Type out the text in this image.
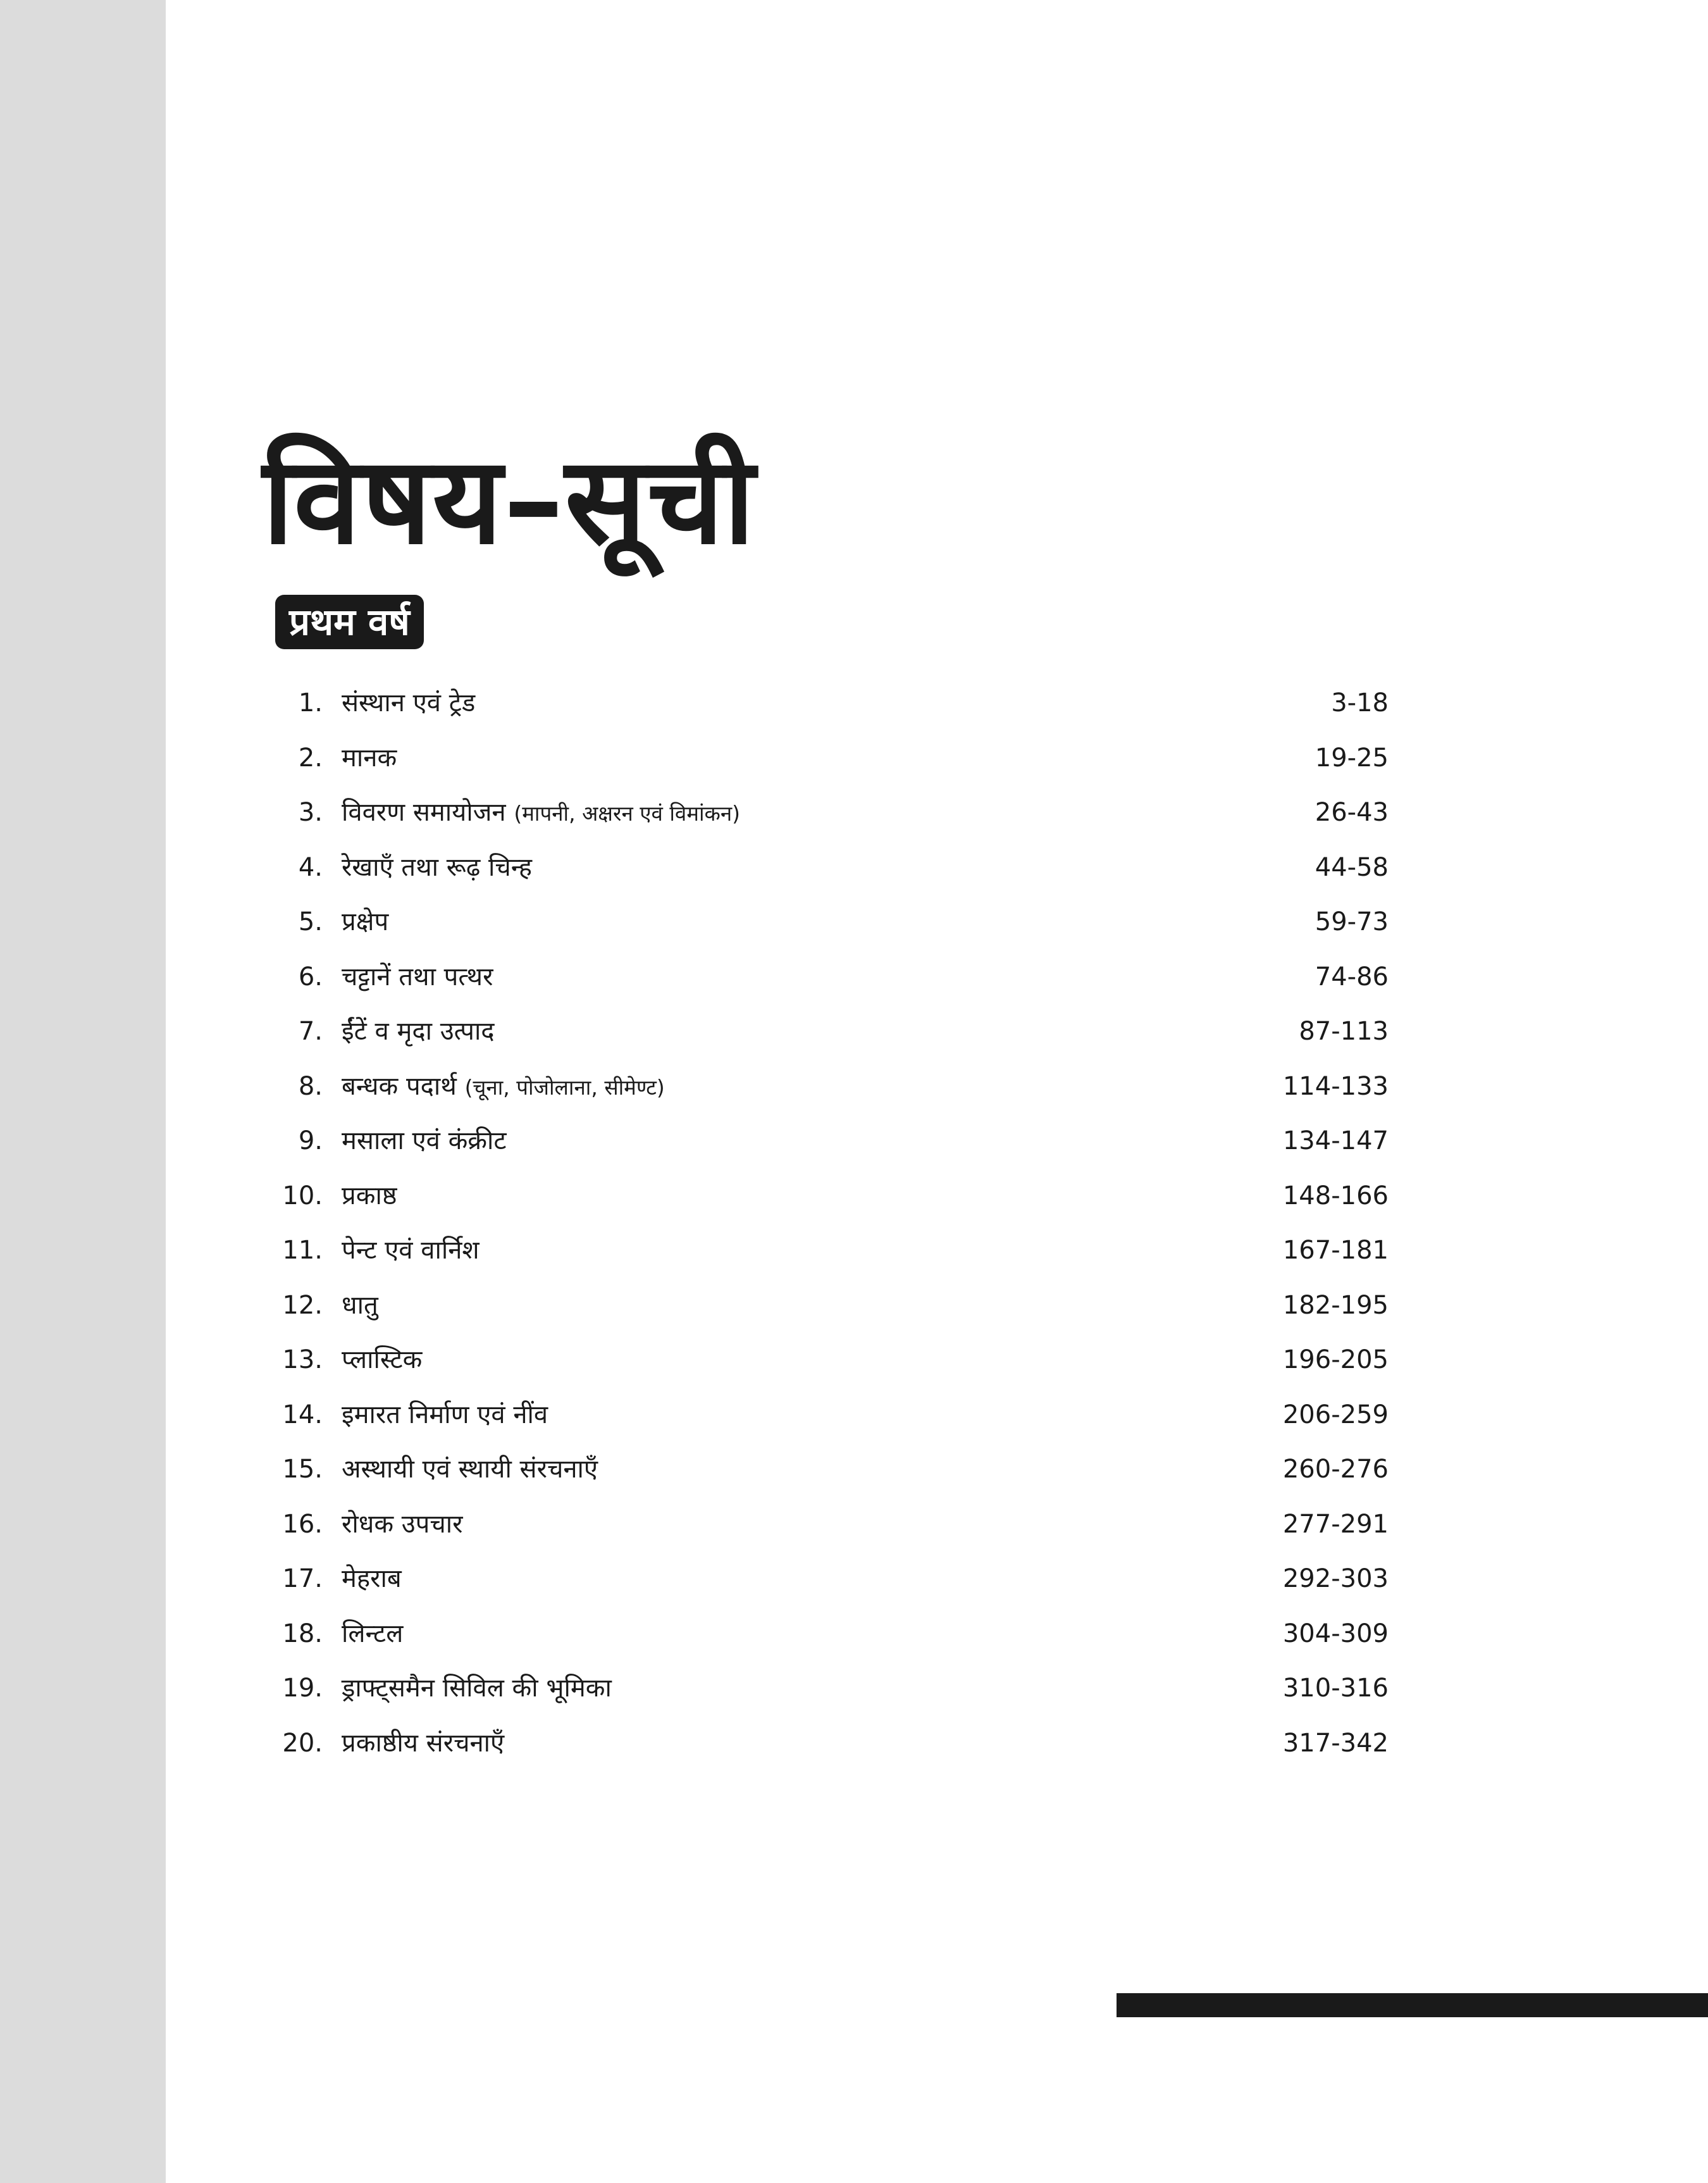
विषय–सूची
प्रथम वर्ष
1. संस्थान एवं ट्रेड	3-18
2. मानक	19-25
3. विवरण समायोजन (मापनी, अक्षरन एवं विमांकन)	26-43
4. रेखाएँ तथा रूढ़ चिन्ह	44-58
5. प्रक्षेप	59-73
6. चट्टानें तथा पत्थर	74-86
7. ईंटें व मृदा उत्पाद	87-113
8. बन्धक पदार्थ (चूना, पोजोलाना, सीमेण्ट)	114-133
9. मसाला एवं कंक्रीट	134-147
10. प्रकाष्ठ	148-166
11. पेन्ट एवं वार्निश	167-181
12. धातु	182-195
13. प्लास्टिक	196-205
14. इमारत निर्माण एवं नींव	206-259
15. अस्थायी एवं स्थायी संरचनाएँ	260-276
16. रोधक उपचार	277-291
17. मेहराब	292-303
18. लिन्टल	304-309
19. ड्राफ्ट्समैन सिविल की भूमिका	310-316
20. प्रकाष्ठीय संरचनाएँ	317-342
